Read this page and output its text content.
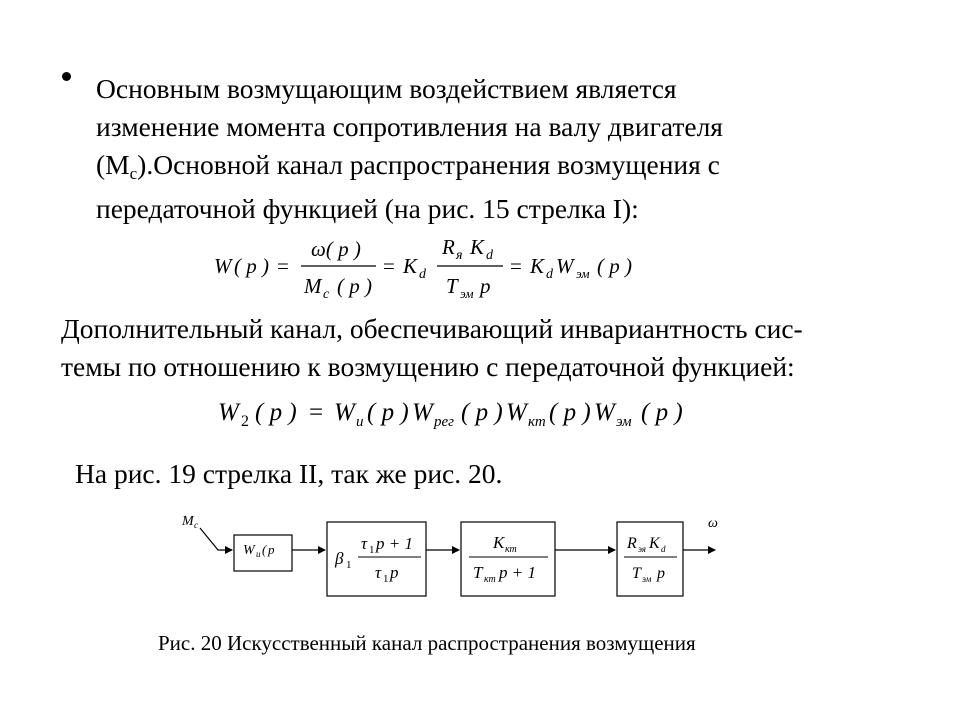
Основным возмущающим воздействием является
изменение момента сопротивления на валу двигателя
$(М_с).Основной$ канал распространения возмущения с
передаточной функцией (на рис. 15 стрелка I):
W ( p ) =
ω( p )
M c ( p )
= K d
R я K d
T эм p
= K d W эм ( p )
Дополнительный канал, обеспечивающий инвариантность сис-
темы по отношению к возмущению с передаточной функцией:
W 2 ( p ) = W и ( p ) W рег ( p ) W кт ( p ) W эм ( p )
На рис. 19 стрелка II, так же рис. 20.
M c	ω
W и ( p	β 1
τ 1 p + 1
τ 1 p
K кт
T кт p + 1
R эя K d
T эм p
Рис. 20 Искусственный канал распространения возмущения
